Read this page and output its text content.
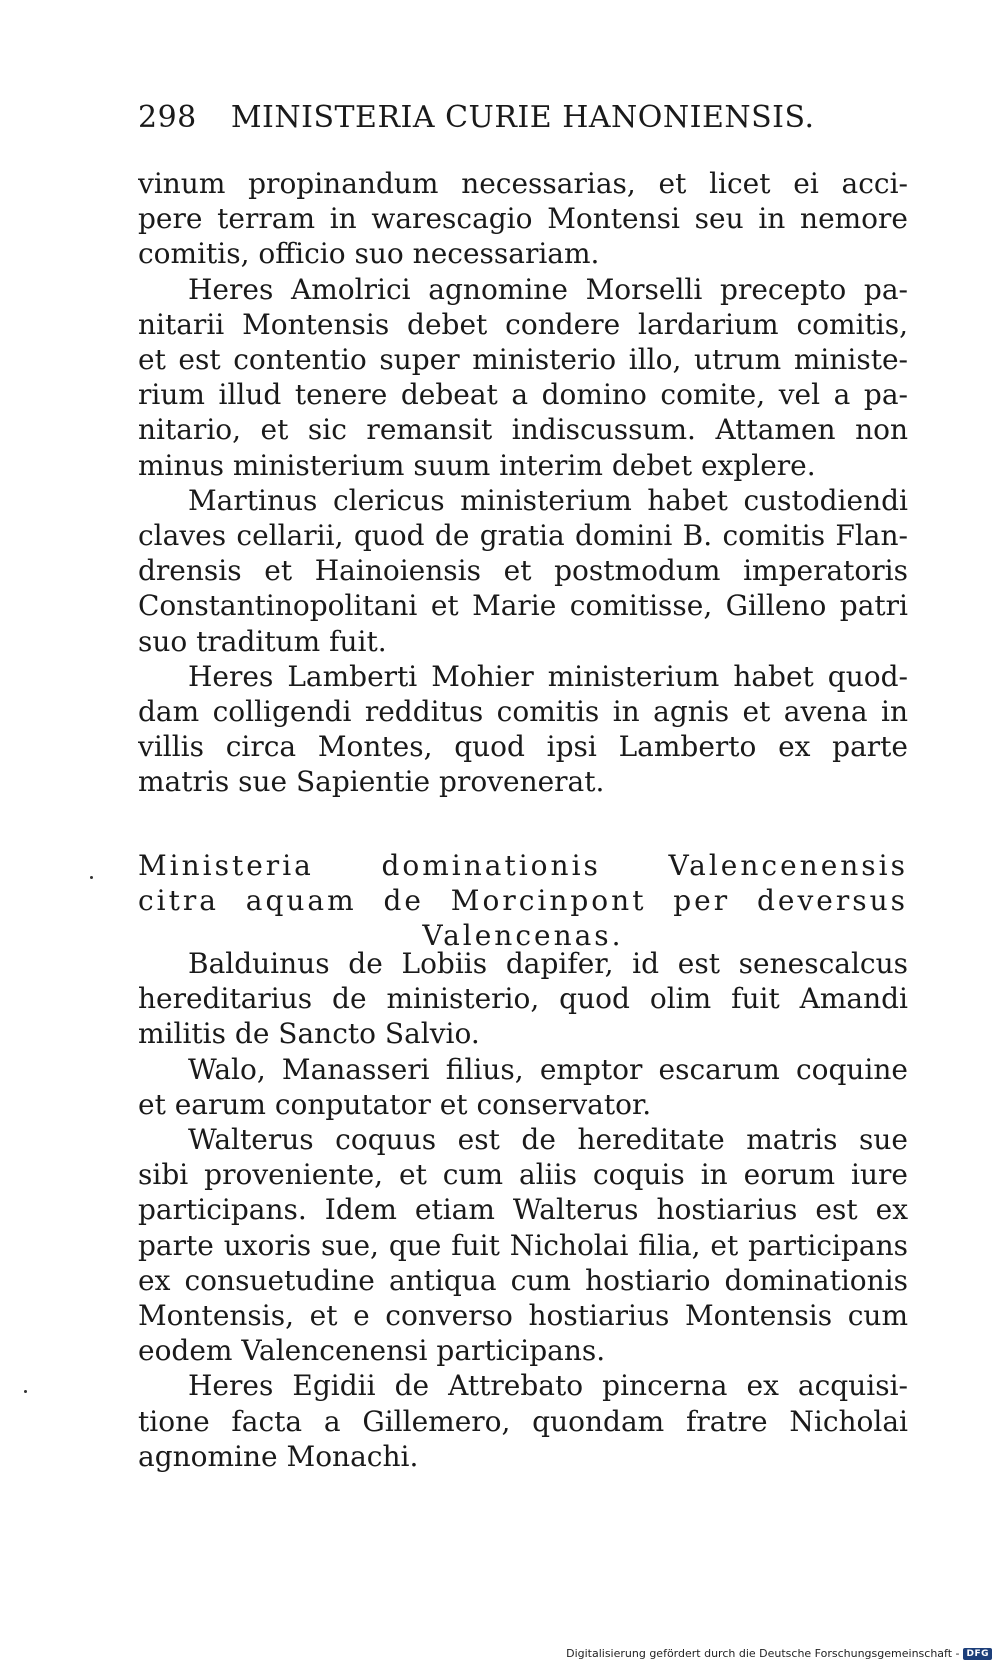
298 MINISTERIA CURIE HANONIENSIS.
vinum propinandum necessarias, et licet ei acci-
pere terram in warescagio Montensi seu in nemore
comitis, officio suo necessariam.
Heres Amolrici agnomine Morselli precepto pa-
nitarii Montensis debet condere lardarium comitis,
et est contentio super ministerio illo, utrum ministe-
rium illud tenere debeat a domino comite, vel a pa-
nitario, et sic remansit indiscussum. Attamen non
minus ministerium suum interim debet explere.
Martinus clericus ministerium habet custodiendi
claves cellarii, quod de gratia domini B. comitis Flan-
drensis et Hainoiensis et postmodum imperatoris
Constantinopolitani et Marie comitisse, Gilleno patri
suo traditum fuit.
Heres Lamberti Mohier ministerium habet quod-
dam colligendi redditus comitis in agnis et avena in
villis circa Montes, quod ipsi Lamberto ex parte
matris sue Sapientie provenerat.
Ministeria dominationis Valencenensis
citra aquam de Morcinpont per deversus
Valencenas.
Balduinus de Lobiis dapifer, id est senescalcus
hereditarius de ministerio, quod olim fuit Amandi
militis de Sancto Salvio.
Walo, Manasseri filius, emptor escarum coquine
et earum conputator et conservator.
Walterus coquus est de hereditate matris sue
sibi proveniente, et cum aliis coquis in eorum iure
participans. Idem etiam Walterus hostiarius est ex
parte uxoris sue, que fuit Nicholai filia, et participans
ex consuetudine antiqua cum hostiario dominationis
Montensis, et e converso hostiarius Montensis cum
eodem Valencenensi participans.
Heres Egidii de Attrebato pincerna ex acquisi-
tione facta a Gillemero, quondam fratre Nicholai
agnomine Monachi.
Digitalisierung gefördert durch die Deutsche Forschungsgemeinschaft - DFG
